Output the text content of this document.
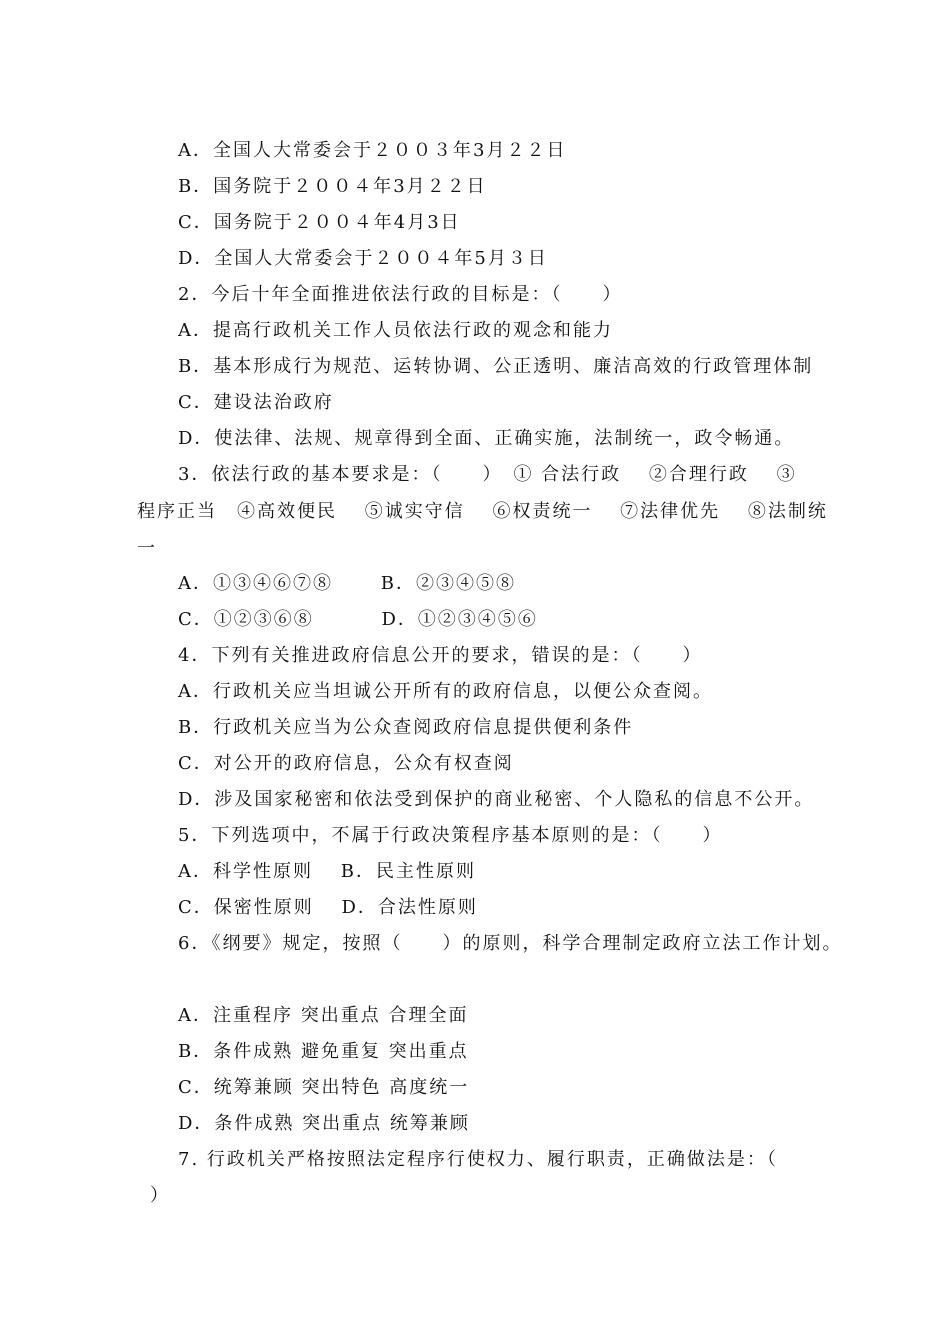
A．全国人大常委会于２００３年3月２２日
B．国务院于２００４年3月２２日
C．国务院于２００４年4月3日
D．全国人大常委会于２００４年5月３日
2．今后十年全面推进依法行政的目标是：（　　）
A．提高行政机关工作人员依法行政的观念和能力
B．基本形成行为规范、运转协调、公正透明、廉洁高效的行政管理体制
C．建设法治政府
D．使法律、法规、规章得到全面、正确实施，法制统一，政令畅通。
3．依法行政的基本要求是：（　　）　① 合法行政　 ②合理行政　 ③
程序正当　④高效便民　 ⑤诚实守信　 ⑥权责统一　 ⑦法律优先　 ⑧法制统
一
A．①③④⑥⑦⑧　　 B．②③④⑤⑧
C．①②③⑥⑧　　　 D．①②③④⑤⑥
4．下列有关推进政府信息公开的要求，错误的是：（　　）
A．行政机关应当坦诚公开所有的政府信息，以便公众查阅。
B．行政机关应当为公众查阅政府信息提供便利条件
C．对公开的政府信息，公众有权查阅
D．涉及国家秘密和依法受到保护的商业秘密、个人隐私的信息不公开。
5．下列选项中，不属于行政决策程序基本原则的是：（　　）
A．科学性原则　 B．民主性原则
C．保密性原则　 D．合法性原则
6．《纲要》规定，按照（　　）的原则，科学合理制定政府立法工作计划。
A．注重程序 突出重点 合理全面
B．条件成熟 避免重复 突出重点
C．统筹兼顾 突出特色 高度统一
D．条件成熟 突出重点 统筹兼顾
7. 行政机关严格按照法定程序行使权力、履行职责，正确做法是：（
）
